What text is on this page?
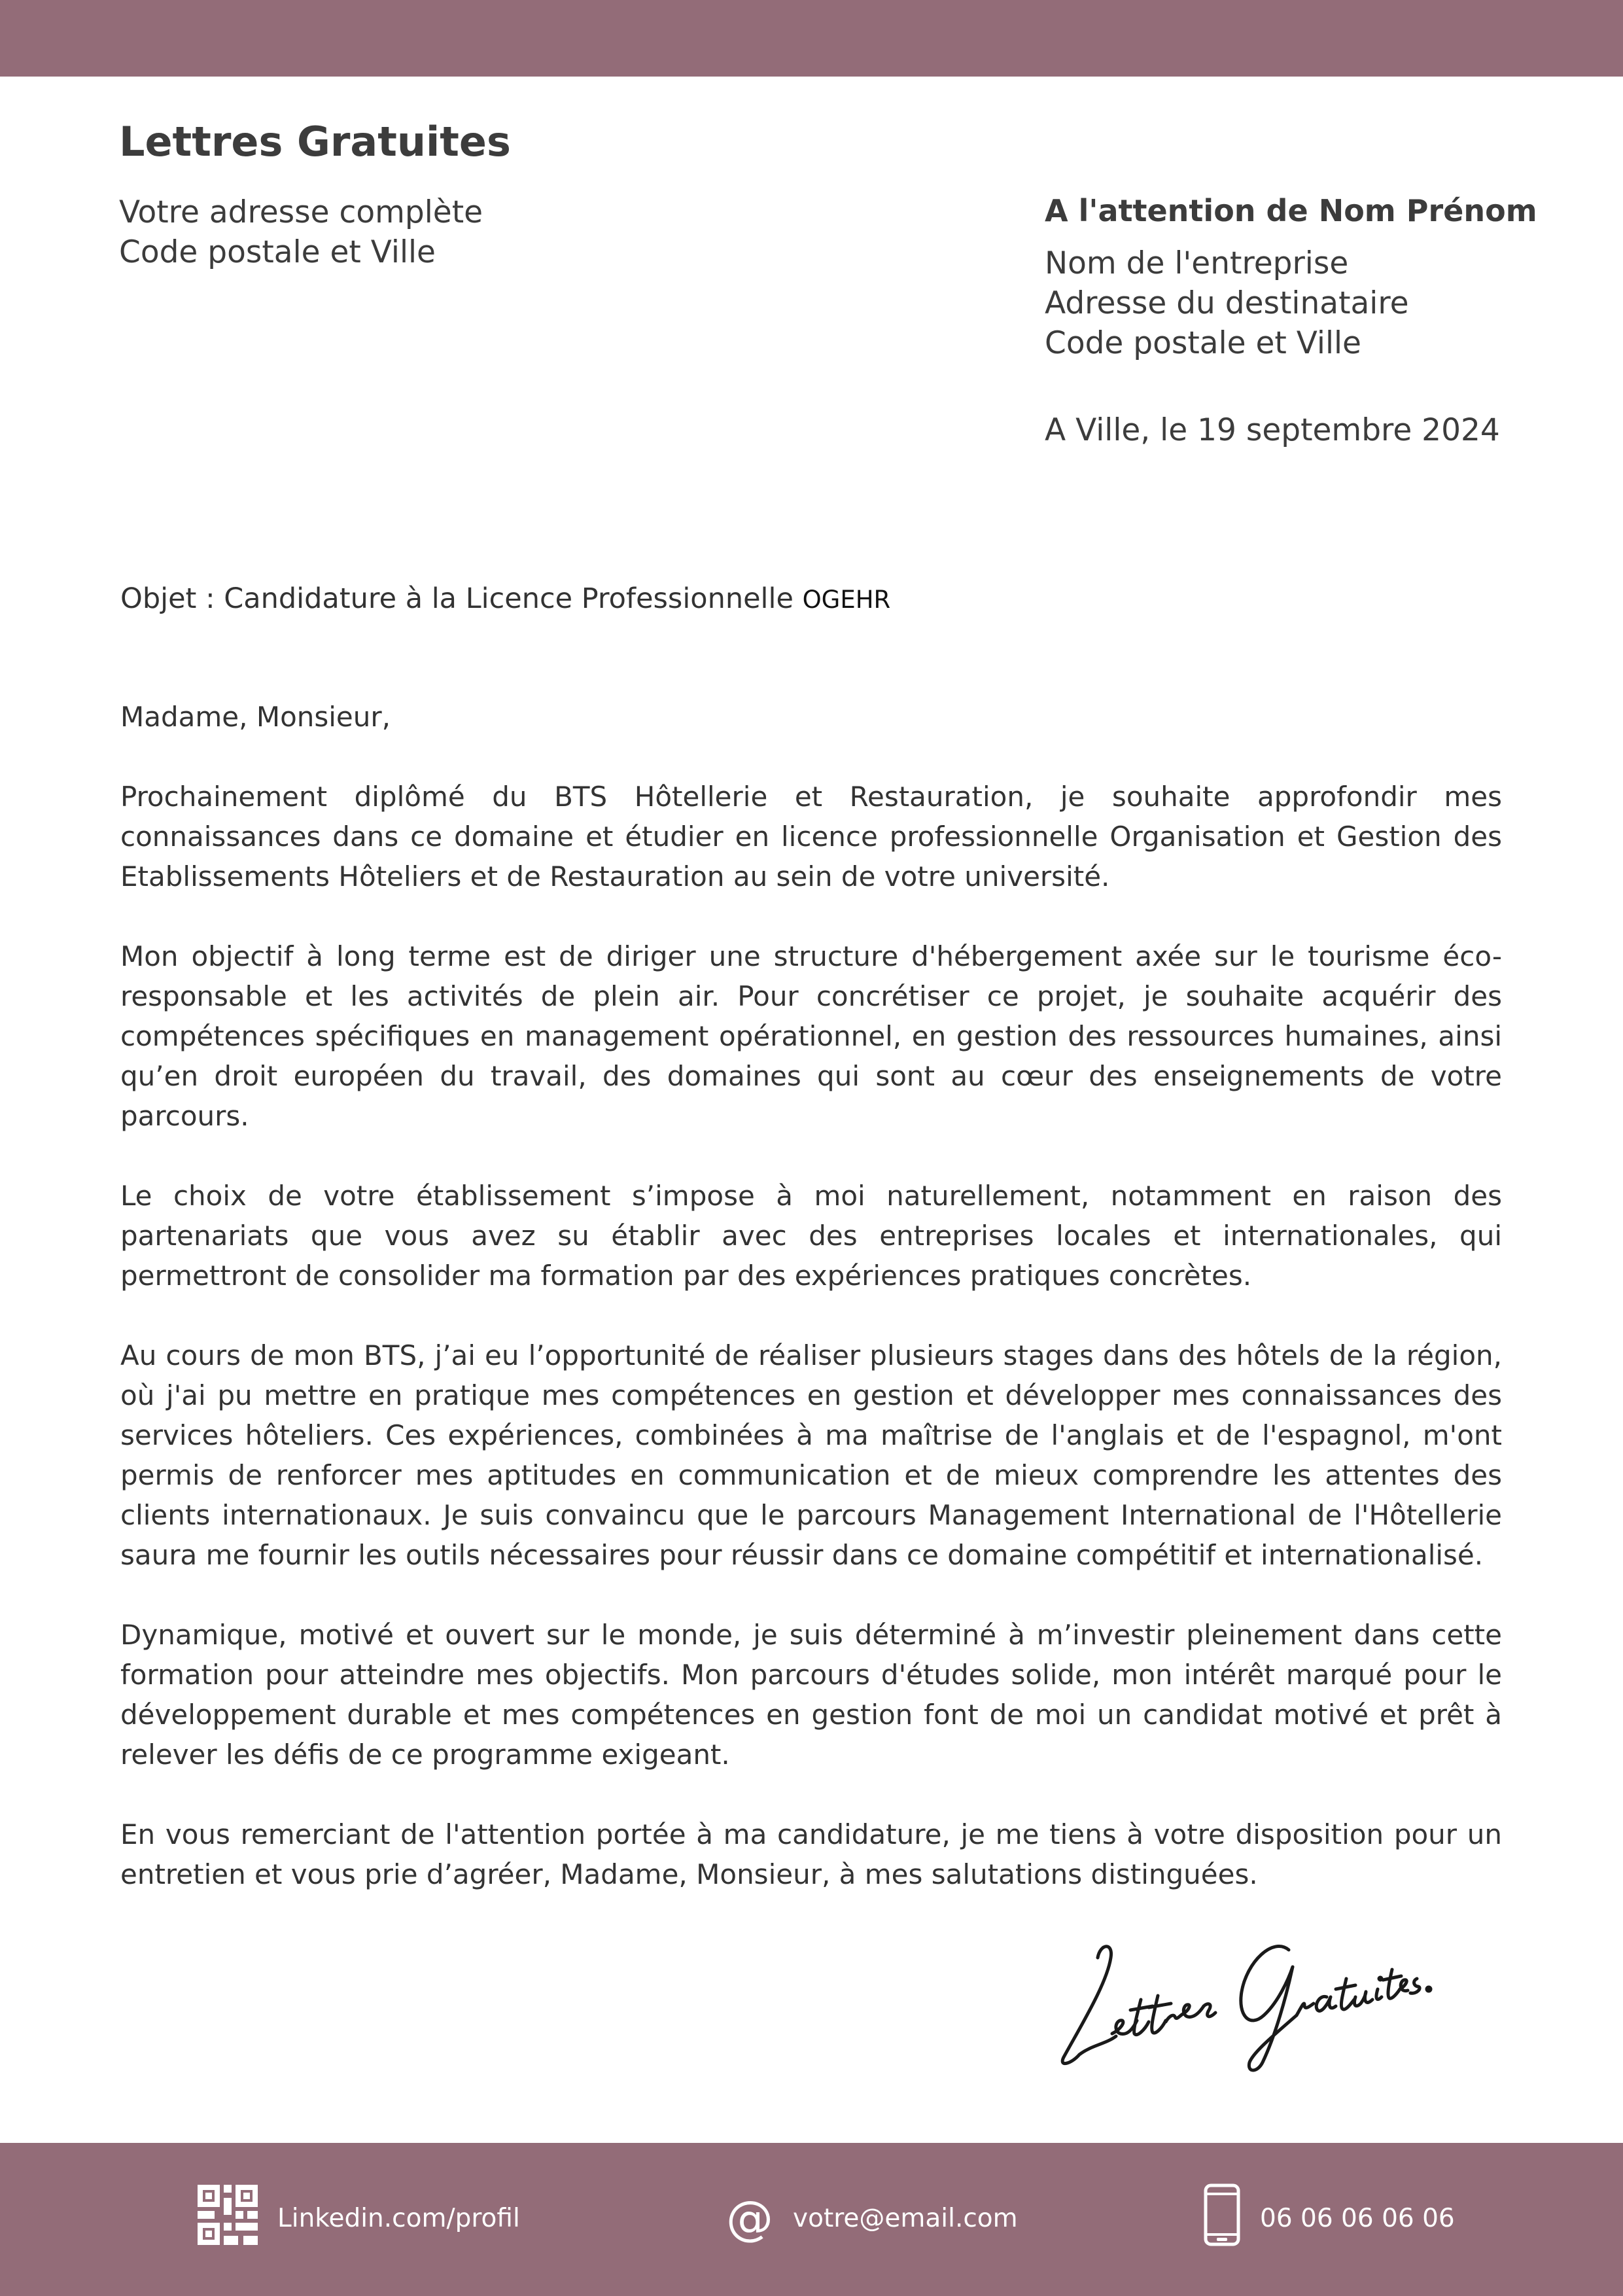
Lettres Gratuites
Votre adresse complète
Code postale et Ville
A l'attention de Nom Prénom
Nom de l'entreprise
Adresse du destinataire
Code postale et Ville
A Ville, le 19 septembre 2024
Objet : Candidature à la Licence Professionnelle OGEHR

Madame, Monsieur,

Prochainement diplômé du BTS Hôtellerie et Restauration, je souhaite approfondir mes connaissances dans ce domaine et étudier en licence professionnelle Organisation et Gestion des Etablissements Hôteliers et de Restauration au sein de votre université.

Mon objectif à long terme est de diriger une structure d'hébergement axée sur le tourisme éco-responsable et les activités de plein air. Pour concrétiser ce projet, je souhaite acquérir des compétences spécifiques en management opérationnel, en gestion des ressources humaines, ainsi qu’en droit européen du travail, des domaines qui sont au cœur des enseignements de votre parcours.

Le choix de votre établissement s’impose à moi naturellement, notamment en raison des partenariats que vous avez su établir avec des entreprises locales et internationales, qui permettront de consolider ma formation par des expériences pratiques concrètes.

Au cours de mon BTS, j’ai eu l’opportunité de réaliser plusieurs stages dans des hôtels de la région, où j'ai pu mettre en pratique mes compétences en gestion et développer mes connaissances des services hôteliers. Ces expériences, combinées à ma maîtrise de l'anglais et de l'espagnol, m'ont permis de renforcer mes aptitudes en communication et de mieux comprendre les attentes des clients internationaux. Je suis convaincu que le parcours Management International de l'Hôtellerie saura me fournir les outils nécessaires pour réussir dans ce domaine compétitif et internationalisé.

Dynamique, motivé et ouvert sur le monde, je suis déterminé à m’investir pleinement dans cette formation pour atteindre mes objectifs. Mon parcours d'études solide, mon intérêt marqué pour le développement durable et mes compétences en gestion font de moi un candidat motivé et prêt à relever les défis de ce programme exigeant.

En vous remerciant de l'attention portée à ma candidature, je me tiens à votre disposition pour un entretien et vous prie d’agréer, Madame, Monsieur, à mes salutations distinguées.

Linkedin.com/profil	@ votre@email.com	06 06 06 06 06
